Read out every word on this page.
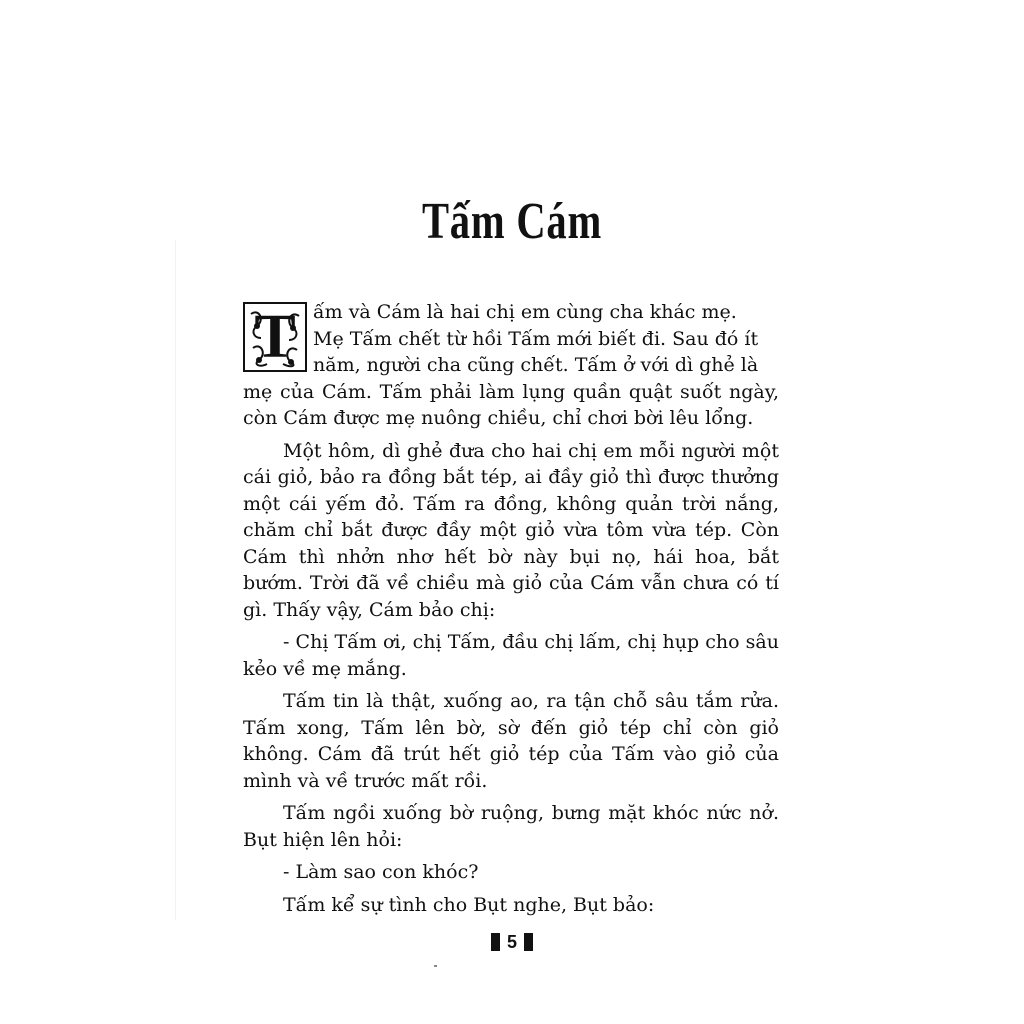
Tấm Cám
T ấm và Cám là hai chị em cùng cha khác mẹ.
Mẹ Tấm chết từ hồi Tấm mới biết đi. Sau đó ít
năm, người cha cũng chết. Tấm ở với dì ghẻ là

mẹ của Cám. Tấm phải làm lụng quần quật suốt ngày, còn Cám được mẹ nuông chiều, chỉ chơi bời lêu lổng.

Một hôm, dì ghẻ đưa cho hai chị em mỗi người một cái giỏ, bảo ra đồng bắt tép, ai đầy giỏ thì được thưởng một cái yếm đỏ. Tấm ra đồng, không quản trời nắng, chăm chỉ bắt được đầy một giỏ vừa tôm vừa tép. Còn Cám thì nhởn nhơ hết bờ này bụi nọ, hái hoa, bắt bướm. Trời đã về chiều mà giỏ của Cám vẫn chưa có tí gì. Thấy vậy, Cám bảo chị:

- Chị Tấm ơi, chị Tấm, đầu chị lấm, chị hụp cho sâu kẻo về mẹ mắng.

Tấm tin là thật, xuống ao, ra tận chỗ sâu tắm rửa. Tấm xong, Tấm lên bờ, sờ đến giỏ tép chỉ còn giỏ không. Cám đã trút hết giỏ tép của Tấm vào giỏ của mình và về trước mất rồi.

Tấm ngồi xuống bờ ruộng, bưng mặt khóc nức nở. Bụt hiện lên hỏi:

- Làm sao con khóc?

Tấm kể sự tình cho Bụt nghe, Bụt bảo:

5
